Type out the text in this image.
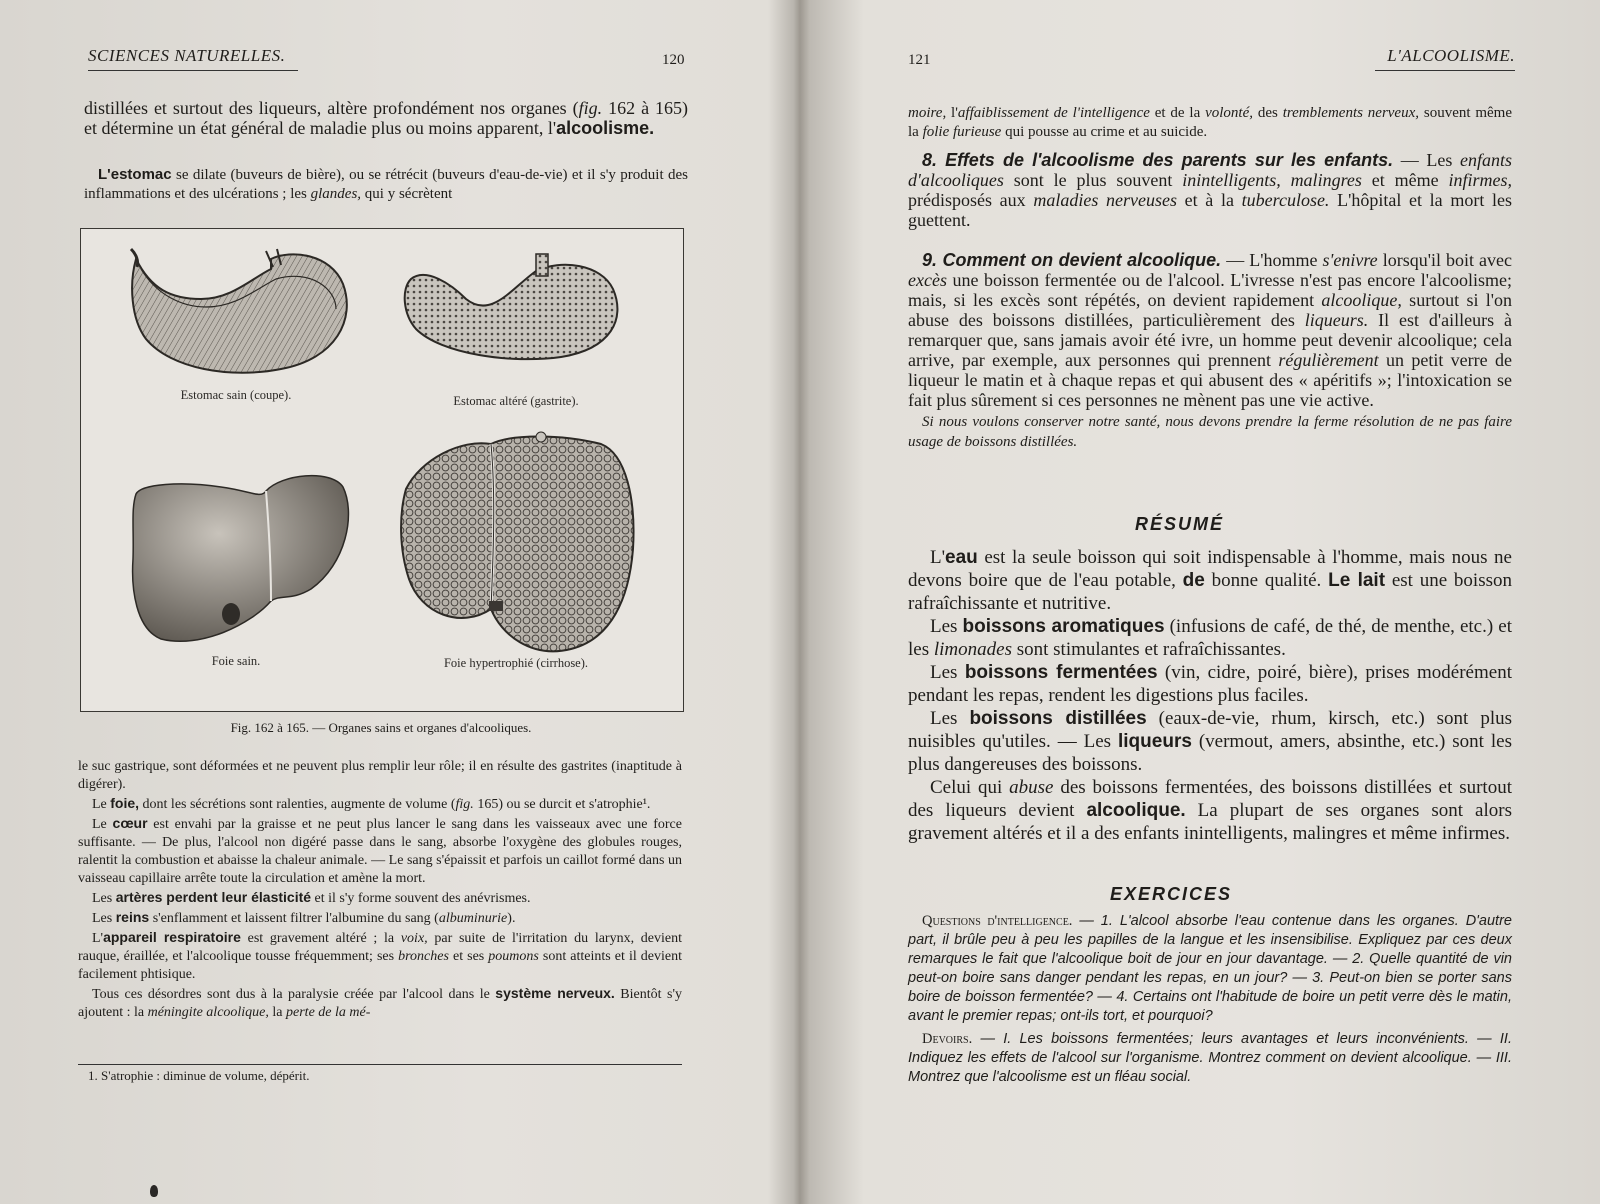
SCIENCES NATURELLES.	120

distillées et surtout des liqueurs, altère profondément nos organes (fig. 162 à 165) et détermine un état général de maladie plus ou moins apparent, l'alcoolisme.

L'estomac se dilate (buveurs de bière), ou se rétrécit (buveurs d'eau-de-vie) et il s'y produit des inflammations et des ulcérations ; les glandes, qui y sécrètent

Estomac sain (coupe).	Estomac altéré (gastrite).
Foie sain.	Foie hypertrophié (cirrhose).
Fig. 162 à 165. — Organes sains et organes d'alcooliques.

le suc gastrique, sont déformées et ne peuvent plus remplir leur rôle; il en résulte des gastrites (inaptitude à digérer).

Le foie, dont les sécrétions sont ralenties, augmente de volume (fig. 165) ou se durcit et s'atrophie¹.

Le cœur est envahi par la graisse et ne peut plus lancer le sang dans les vaisseaux avec une force suffisante. — De plus, l'alcool non digéré passe dans le sang, absorbe l'oxygène des globules rouges, ralentit la combustion et abaisse la chaleur animale. — Le sang s'épaissit et parfois un caillot formé dans un vaisseau capillaire arrête toute la circulation et amène la mort.

Les artères perdent leur élasticité et il s'y forme souvent des anévrismes.

Les reins s'enflamment et laissent filtrer l'albumine du sang (albuminurie).

L'appareil respiratoire est gravement altéré ; la voix, par suite de l'irritation du larynx, devient rauque, éraillée, et l'alcoolique tousse fréquemment; ses bronches et ses poumons sont atteints et il devient facilement phtisique.

Tous ces désordres sont dus à la paralysie créée par l'alcool dans le système nerveux. Bientôt s'y ajoutent : la méningite alcoolique, la perte de la mé-

1. S'atrophie : diminue de volume, dépérit.
121	L'ALCOOLISME.

moire, l'affaiblissement de l'intelligence et de la volonté, des tremblements nerveux, souvent même la folie furieuse qui pousse au crime et au suicide.

8. Effets de l'alcoolisme des parents sur les enfants. — Les enfants d'alcooliques sont le plus souvent inintelligents, malingres et même infirmes, prédisposés aux maladies nerveuses et à la tuberculose. L'hôpital et la mort les guettent.

9. Comment on devient alcoolique. — L'homme s'enivre lorsqu'il boit avec excès une boisson fermentée ou de l'alcool. L'ivresse n'est pas encore l'alcoolisme; mais, si les excès sont répétés, on devient rapidement alcoolique, surtout si l'on abuse des boissons distillées, particulièrement des liqueurs. Il est d'ailleurs à remarquer que, sans jamais avoir été ivre, un homme peut devenir alcoolique; cela arrive, par exemple, aux personnes qui prennent régulièrement un petit verre de liqueur le matin et à chaque repas et qui abusent des « apéritifs »; l'intoxication se fait plus sûrement si ces personnes ne mènent pas une vie active.

Si nous voulons conserver notre santé, nous devons prendre la ferme résolution de ne pas faire usage de boissons distillées.

RÉSUMÉ

L'eau est la seule boisson qui soit indispensable à l'homme, mais nous ne devons boire que de l'eau potable, de bonne qualité. Le lait est une boisson rafraîchissante et nutritive.

Les boissons aromatiques (infusions de café, de thé, de menthe, etc.) et les limonades sont stimulantes et rafraîchissantes.

Les boissons fermentées (vin, cidre, poiré, bière), prises modérément pendant les repas, rendent les digestions plus faciles.

Les boissons distillées (eaux-de-vie, rhum, kirsch, etc.) sont plus nuisibles qu'utiles. — Les liqueurs (vermout, amers, absinthe, etc.) sont les plus dangereuses des boissons.

Celui qui abuse des boissons fermentées, des boissons distillées et surtout des liqueurs devient alcoolique. La plupart de ses organes sont alors gravement altérés et il a des enfants inintelligents, malingres et même infirmes.

EXERCICES

Questions d'intelligence. — 1. L'alcool absorbe l'eau contenue dans les organes. D'autre part, il brûle peu à peu les papilles de la langue et les insensibilise. Expliquez par ces deux remarques le fait que l'alcoolique boit de jour en jour davantage. — 2. Quelle quantité de vin peut-on boire sans danger pendant les repas, en un jour? — 3. Peut-on bien se porter sans boire de boisson fermentée? — 4. Certains ont l'habitude de boire un petit verre dès le matin, avant le premier repas; ont-ils tort, et pourquoi?

Devoirs. — I. Les boissons fermentées; leurs avantages et leurs inconvénients. — II. Indiquez les effets de l'alcool sur l'organisme. Montrez comment on devient alcoolique. — III. Montrez que l'alcoolisme est un fléau social.
